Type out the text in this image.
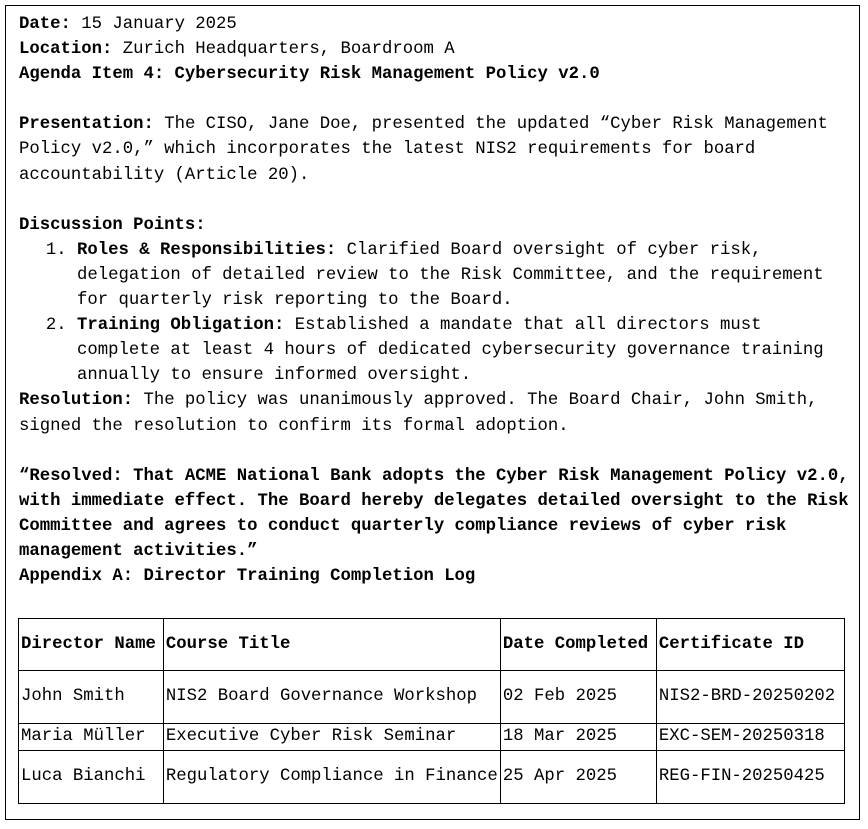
Date: 15 January 2025

Location: Zurich Headquarters, Boardroom A

Agenda Item 4: Cybersecurity Risk Management Policy v2.0

Presentation: The CISO, Jane Doe, presented the updated “Cyber Risk Management Policy v2.0,” which incorporates the latest NIS2 requirements for board accountability (Article 20).

Discussion Points:

1. Roles & Responsibilities: Clarified Board oversight of cyber risk, delegation of detailed review to the Risk Committee, and the requirement for quarterly risk reporting to the Board.
2. Training Obligation: Established a mandate that all directors must complete at least 4 hours of dedicated cybersecurity governance training annually to ensure informed oversight.

Resolution: The policy was unanimously approved. The Board Chair, John Smith, signed the resolution to confirm its formal adoption.

“Resolved: That ACME National Bank adopts the Cyber Risk Management Policy v2.0, with immediate effect. The Board hereby delegates detailed oversight to the Risk Committee and agrees to conduct quarterly compliance reviews of cyber risk management activities.”

Appendix A: Director Training Completion Log

Director Name	Course Title	Date Completed	Certificate ID
John Smith	NIS2 Board Governance Workshop	02 Feb 2025	NIS2-BRD-20250202
Maria Müller	Executive Cyber Risk Seminar	18 Mar 2025	EXC-SEM-20250318
Luca Bianchi	Regulatory Compliance in Finance	25 Apr 2025	REG-FIN-20250425
